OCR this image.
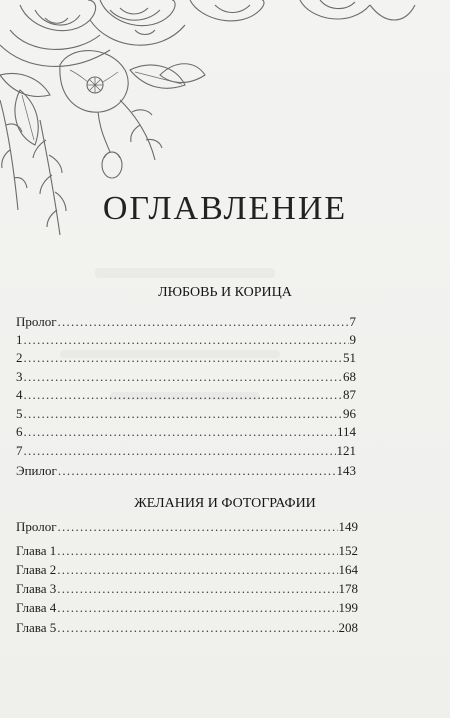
ОГЛАВЛЕНИЕ
ЛЮБОВЬ И КОРИЦА
Пролог . . .	7
1 . . .	9
2 . . .	51
3 . . .	68
4 . . .	87
5 . . .	96
6 . . .	114
7 . . .	121
Эпилог . . .	143
ЖЕЛАНИЯ И ФОТОГРАФИИ
Пролог . . .	149
Глава 1 . . .	152
Глава 2 . . .	164
Глава 3 . . .	178
Глава 4 . . .	199
Глава 5 . . .	208
